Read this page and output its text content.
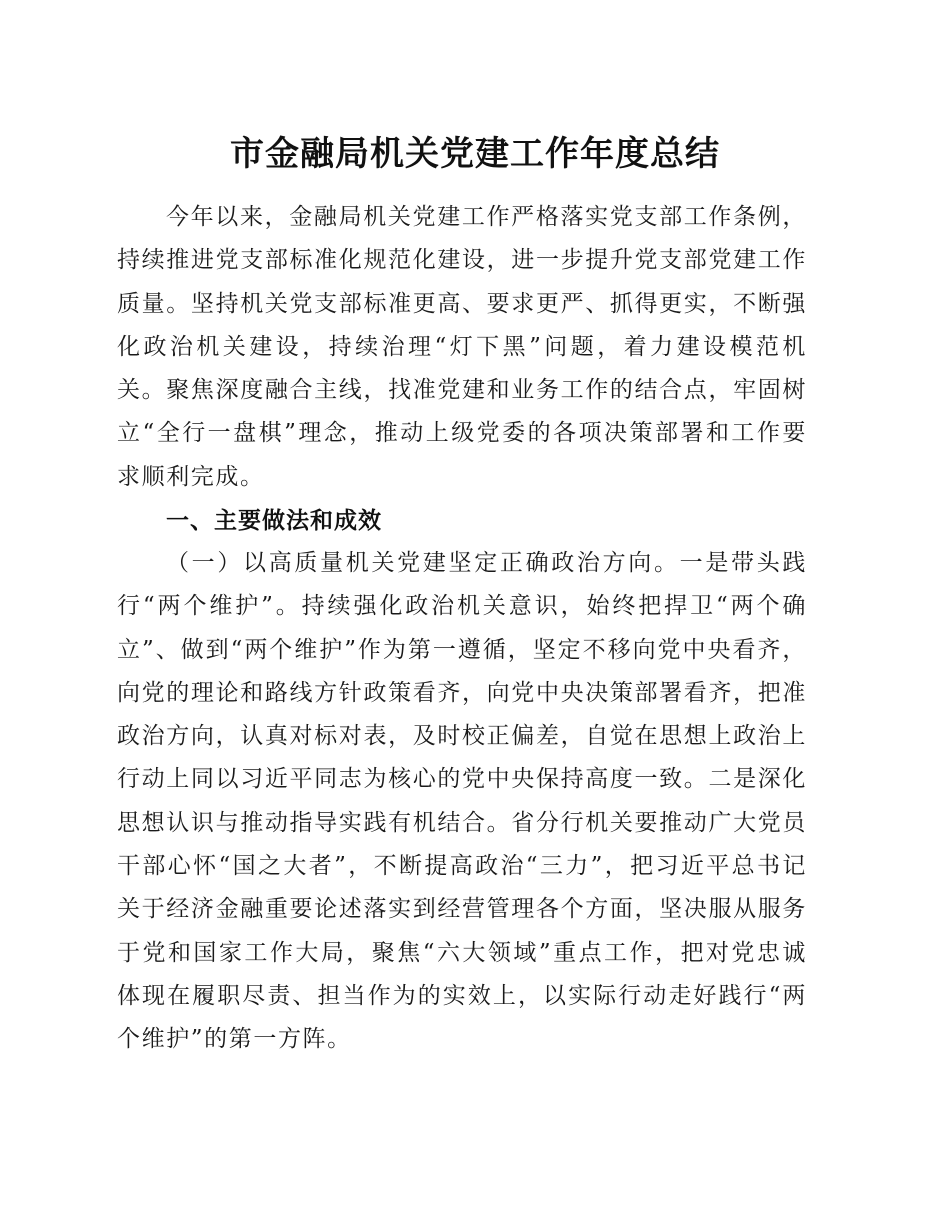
市金融局机关党建工作年度总结

今年以来，金融局机关党建工作严格落实党支部工作条例，持续推进党支部标准化规范化建设，进一步提升党支部党建工作质量。坚持机关党支部标准更高、要求更严、抓得更实，不断强化政治机关建设，持续治理“灯下黑”问题，着力建设模范机关。聚焦深度融合主线，找准党建和业务工作的结合点，牢固树立“全行一盘棋”理念，推动上级党委的各项决策部署和工作要求顺利完成。

一、主要做法和成效

（一）以高质量机关党建坚定正确政治方向。一是带头践行“两个维护”。持续强化政治机关意识，始终把捍卫“两个确立”、做到“两个维护”作为第一遵循，坚定不移向党中央看齐，向党的理论和路线方针政策看齐，向党中央决策部署看齐，把准政治方向，认真对标对表，及时校正偏差，自觉在思想上政治上行动上同以习近平同志为核心的党中央保持高度一致。二是深化思想认识与推动指导实践有机结合。省分行机关要推动广大党员干部心怀“国之大者”，不断提高政治“三力”，把习近平总书记关于经济金融重要论述落实到经营管理各个方面，坚决服从服务于党和国家工作大局，聚焦“六大领域”重点工作，把对党忠诚体现在履职尽责、担当作为的实效上，以实际行动走好践行“两个维护”的第一方阵。
